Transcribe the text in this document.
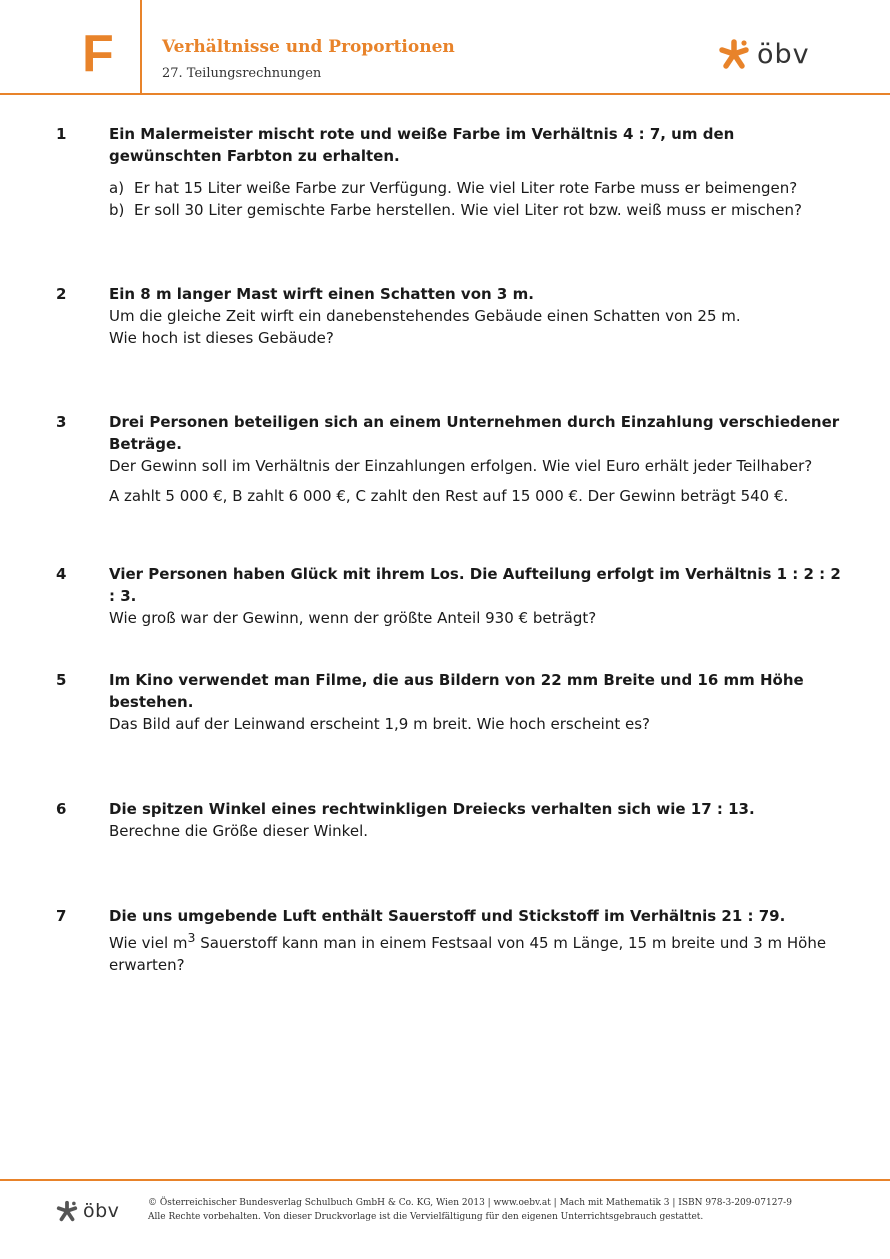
F	Verhältnisse und Proportionen
27. Teilungsrechnungen
öbv
1	Ein Malermeister mischt rote und weiße Farbe im Verhältnis 4 : 7, um den gewünschten Farbton zu erhalten.

a) Er hat 15 Liter weiße Farbe zur Verfügung. Wie viel Liter rote Farbe muss er beimengen?
b) Er soll 30 Liter gemischte Farbe herstellen. Wie viel Liter rot bzw. weiß muss er mischen?
2	Ein 8 m langer Mast wirft einen Schatten von 3 m.

Um die gleiche Zeit wirft ein danebenstehendes Gebäude einen Schatten von 25 m.

Wie hoch ist dieses Gebäude?

3	Drei Personen beteiligen sich an einem Unternehmen durch Einzahlung verschiedener Beträge.

Der Gewinn soll im Verhältnis der Einzahlungen erfolgen. Wie viel Euro erhält jeder Teilhaber?

A zahlt 5 000 €, B zahlt 6 000 €, C zahlt den Rest auf 15 000 €. Der Gewinn beträgt 540 €.

4	Vier Personen haben Glück mit ihrem Los. Die Aufteilung erfolgt im Verhältnis 1 : 2 : 2 : 3.

Wie groß war der Gewinn, wenn der größte Anteil 930 € beträgt?

5	Im Kino verwendet man Filme, die aus Bildern von 22 mm Breite und 16 mm Höhe bestehen.

Das Bild auf der Leinwand erscheint 1,9 m breit. Wie hoch erscheint es?

6	Die spitzen Winkel eines rechtwinkligen Dreiecks verhalten sich wie 17 : 13.

Berechne die Größe dieser Winkel.

7	Die uns umgebende Luft enthält Sauerstoff und Stickstoff im Verhältnis 21 : 79.

Wie viel $m^3$ Sauerstoff kann man in einem Festsaal von 45 m Länge, 15 m breite und 3 m Höhe erwarten?

öbv	© Österreichischer Bundesverlag Schulbuch GmbH & Co. KG, Wien 2013 | www.oebv.at | Mach mit Mathematik 3 | ISBN 978-3-209-07127-9
Alle Rechte vorbehalten. Von dieser Druckvorlage ist die Vervielfältigung für den eigenen Unterrichtsgebrauch gestattet.
